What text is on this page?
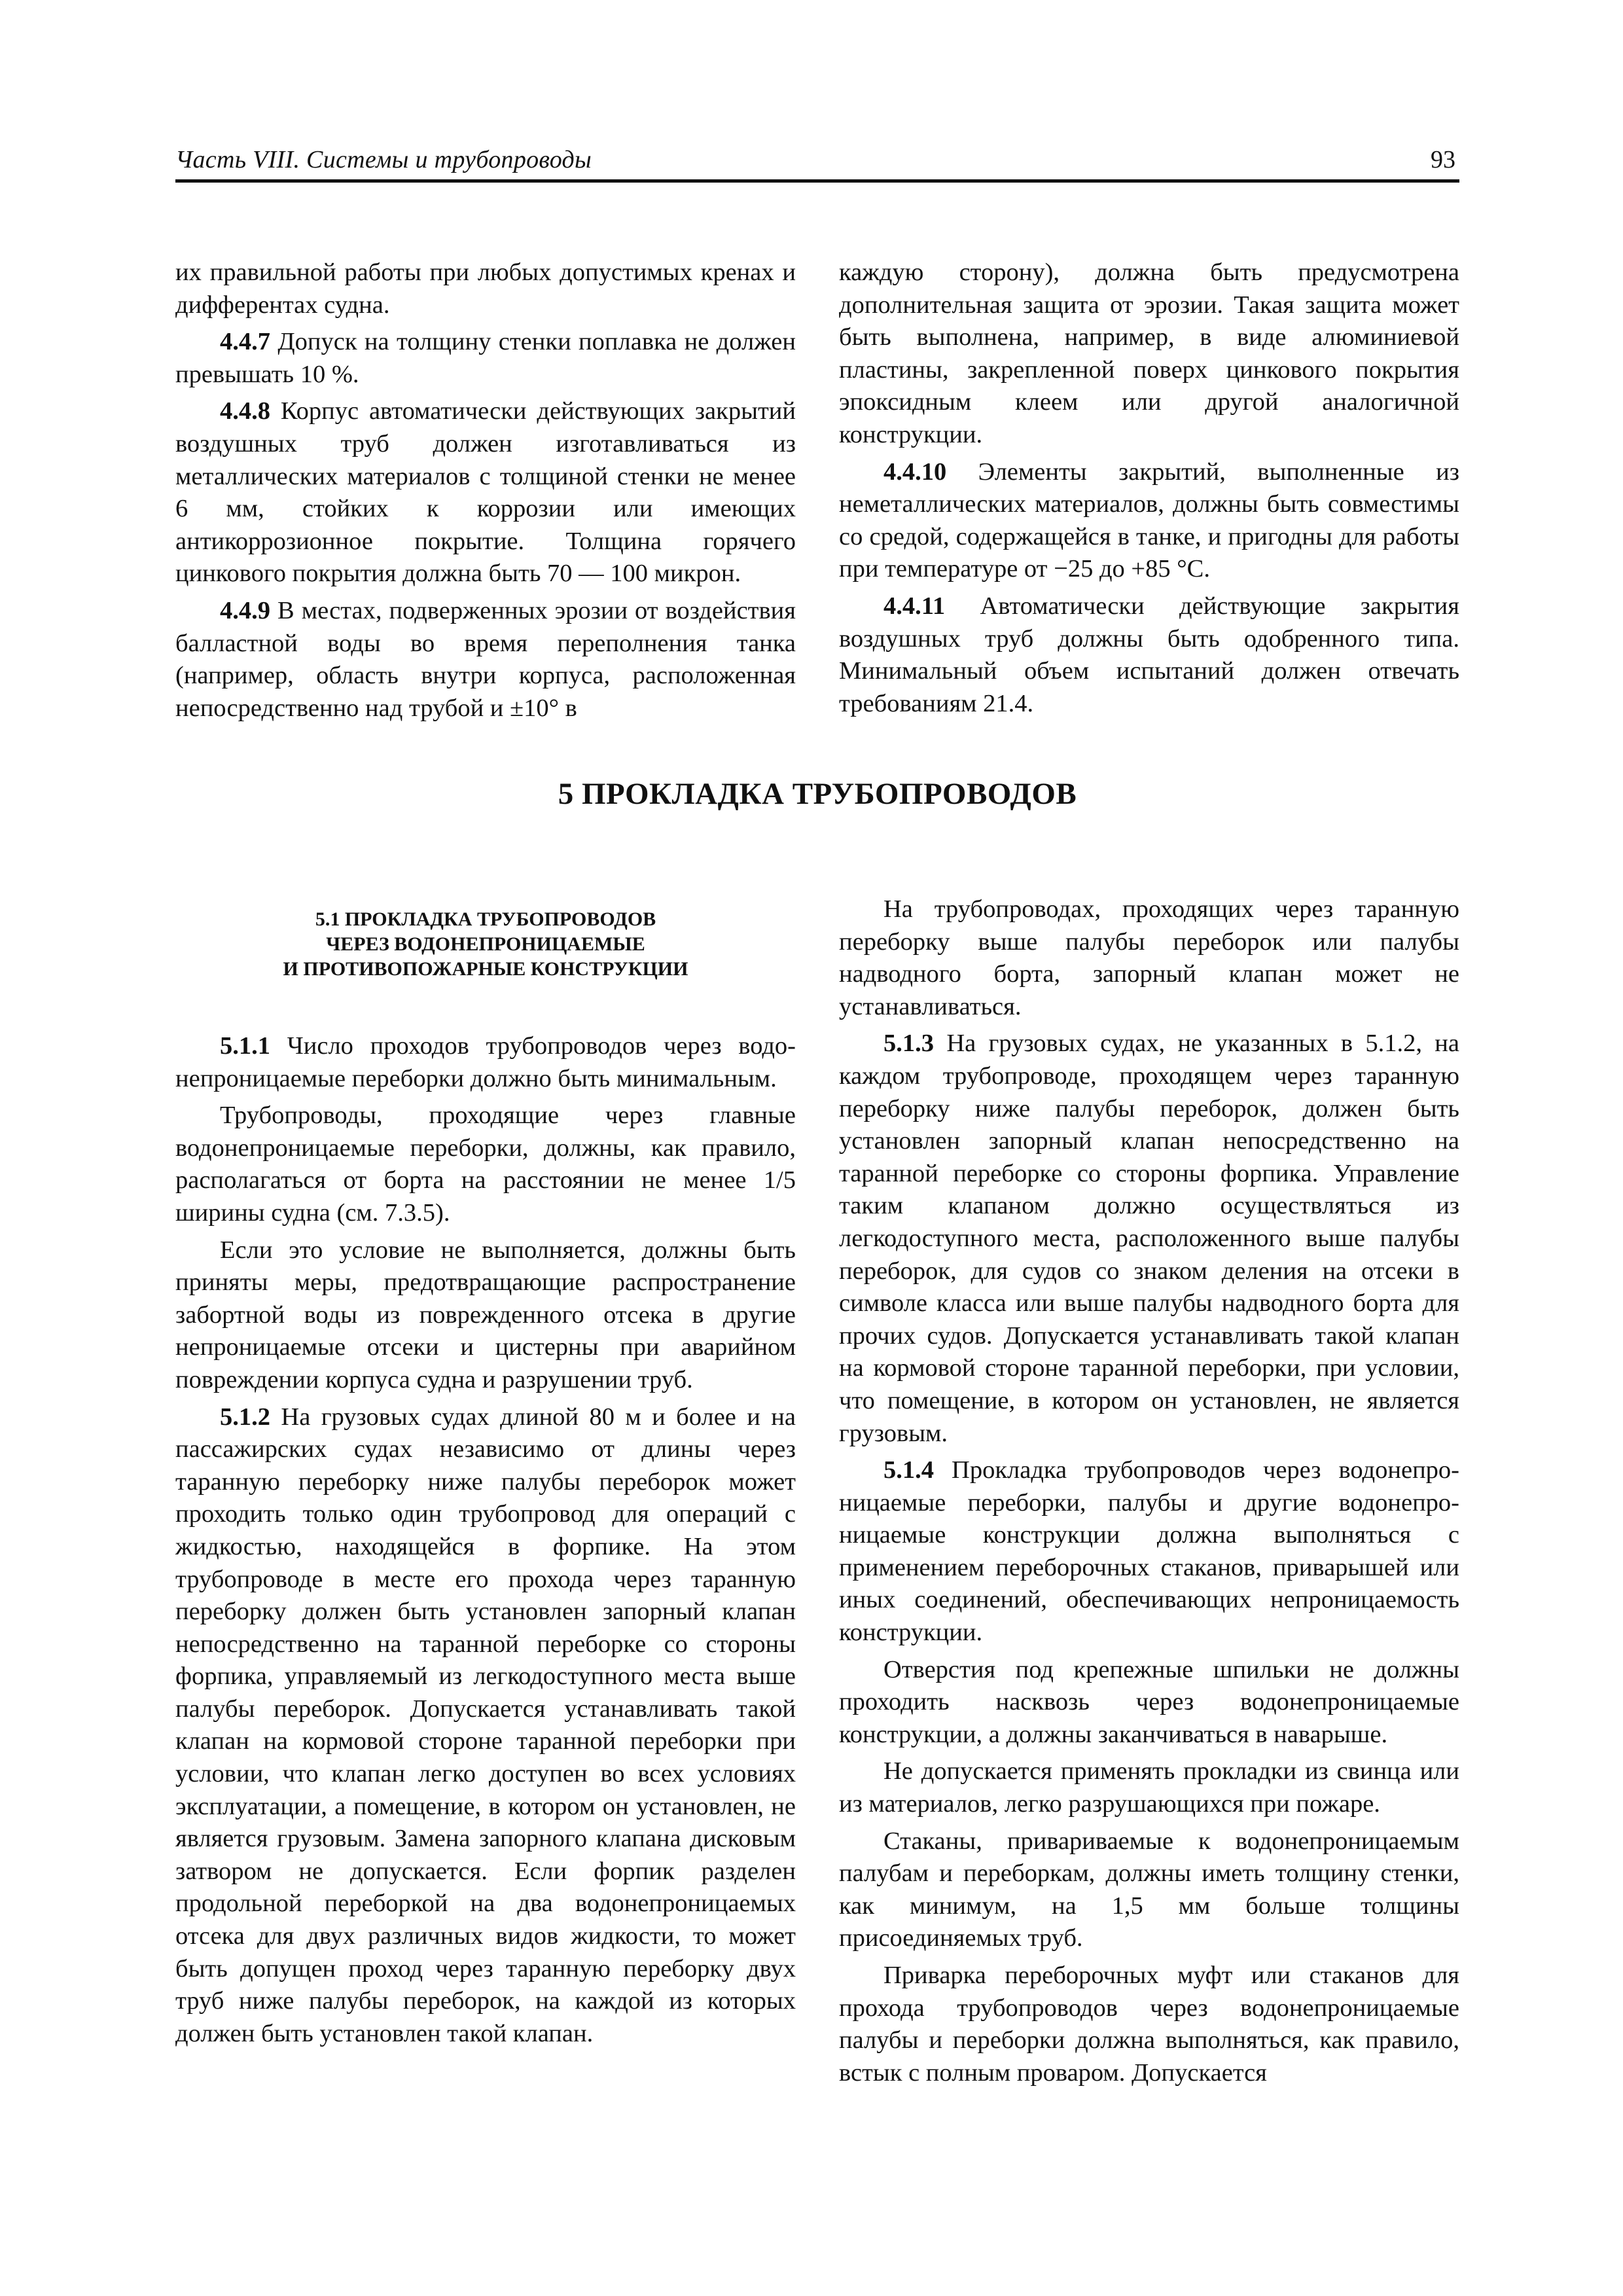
Часть VIII. Системы и трубопроводы	93

их правильной работы при любых допустимых кренах и дифферентах судна.

4.4.7 Допуск на толщину стенки поплавка не должен превышать 10 %.

4.4.8 Корпус автоматически действующих закрытий воздушных труб должен изготавливаться из металлических материалов с толщиной стенки не менее 6 мм, стойких к коррозии или имеющих антикоррозионное покрытие. Толщина горячего цинкового покрытия должна быть 70 — 100 микрон.

4.4.9 В местах, подверженных эрозии от воздействия балластной воды во время переполнения танка (например, область внутри корпуса, расположенная непосредственно над трубой и ±10° в

каждую сторону), должна быть предусмотрена дополнительная защита от эрозии. Такая защита может быть выполнена, например, в виде алюминиевой пластины, закрепленной поверх цинкового покрытия эпоксидным клеем или другой аналогичной конструкции.

4.4.10 Элементы закрытий, выполненные из неметаллических материалов, должны быть совместимы со средой, содержащейся в танке, и пригодны для работы при температуре от −25 до +85 °C.

4.4.11 Автоматически действующие закрытия воздушных труб должны быть одобренного типа. Минимальный объем испытаний должен отвечать требованиям 21.4.

5 ПРОКЛАДКА ТРУБОПРОВОДОВ
5.1 ПРОКЛАДКА ТРУБОПРОВОДОВ
ЧЕРЕЗ ВОДОНЕПРОНИЦАЕМЫЕ
И ПРОТИВОПОЖАРНЫЕ КОНСТРУКЦИИ

5.1.1 Число проходов трубопроводов через водонепроницаемые переборки должно быть минимальным.

Трубопроводы, проходящие через главные водонепроницаемые переборки, должны, как правило, располагаться от борта на расстоянии не менее 1/5 ширины судна (см. 7.3.5).

Если это условие не выполняется, должны быть приняты меры, предотвращающие распространение забортной воды из поврежденного отсека в другие непроницаемые отсеки и цистерны при аварийном повреждении корпуса судна и разрушении труб.

5.1.2 На грузовых судах длиной 80 м и более и на пассажирских судах независимо от длины через таранную переборку ниже палубы переборок может проходить только один трубопровод для операций с жидкостью, находящейся в форпике. На этом трубопроводе в месте его прохода через таранную переборку должен быть установлен запорный клапан непосредственно на таранной переборке со стороны форпика, управляемый из легкодоступного места выше палубы переборок. Допускается устанавливать такой клапан на кормовой стороне таранной переборки при условии, что клапан легко доступен во всех условиях эксплуатации, а помещение, в котором он установлен, не является грузовым. Замена запорного клапана дисковым затвором не допускается. Если форпик разделен продольной переборкой на два водонепроницаемых отсека для двух различных видов жидкости, то может быть допущен проход через таранную переборку двух труб ниже палубы переборок, на каждой из которых должен быть установлен такой клапан.

На трубопроводах, проходящих через таранную переборку выше палубы переборок или палубы надводного борта, запорный клапан может не устанавливаться.

5.1.3 На грузовых судах, не указанных в 5.1.2, на каждом трубопроводе, проходящем через таранную переборку ниже палубы переборок, должен быть установлен запорный клапан непосредственно на таранной переборке со стороны форпика. Управление таким клапаном должно осуществляться из легкодоступного места, расположенного выше палубы переборок, для судов со знаком деления на отсеки в символе класса или выше палубы надводного борта для прочих судов. Допускается устанавливать такой клапан на кормовой стороне таранной переборки, при условии, что помещение, в котором он установлен, не является грузовым.

5.1.4 Прокладка трубопроводов через водонепроницаемые переборки, палубы и другие водонепроницаемые конструкции должна выполняться с применением переборочных стаканов, приварышей или иных соединений, обеспечивающих непроницаемость конструкции.

Отверстия под крепежные шпильки не должны проходить насквозь через водонепроницаемые конструкции, а должны заканчиваться в наварыше.

Не допускается применять прокладки из свинца или из материалов, легко разрушающихся при пожаре.

Стаканы, привариваемые к водонепроницаемым палубам и переборкам, должны иметь толщину стенки, как минимум, на 1,5 мм больше толщины присоединяемых труб.

Приварка переборочных муфт или стаканов для прохода трубопроводов через водонепроницаемые палубы и переборки должна выполняться, как правило, встык с полным проваром. Допускается
